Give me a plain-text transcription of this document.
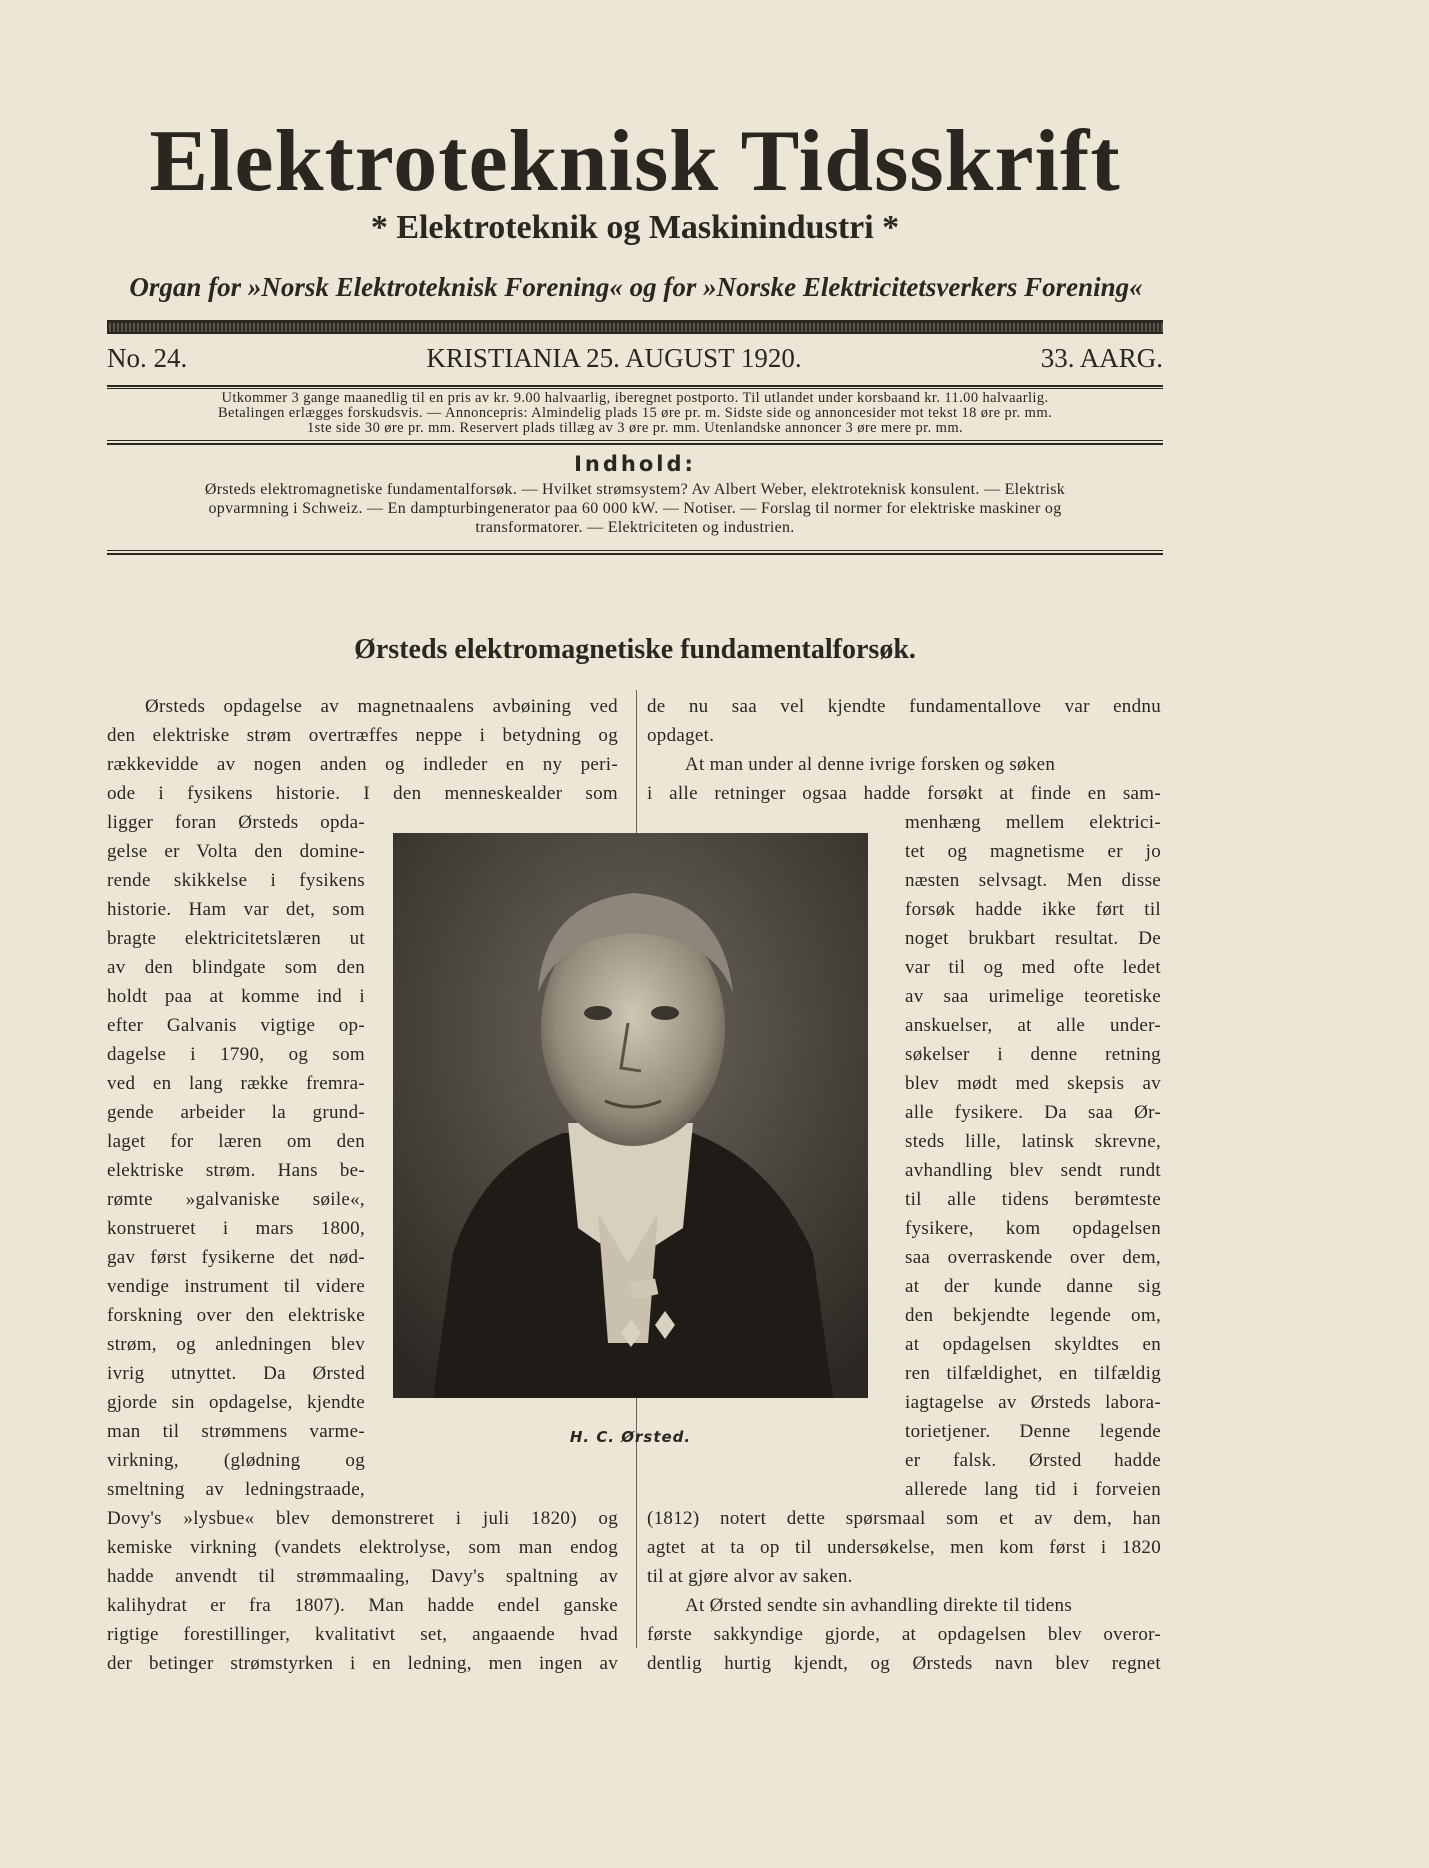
Elektroteknisk Tidsskrift
* Elektroteknik og Maskinindustri *
Organ for »Norsk Elektroteknisk Forening« og for »Norske Elektricitetsverkers Forening«
No. 24.	KRISTIANIA 25. AUGUST 1920.	33. AARG.
Utkommer 3 gange maanedlig til en pris av kr. 9.00 halvaarlig, iberegnet postporto. Til utlandet under korsbaand kr. 11.00 halvaarlig.
Betalingen erlægges forskudsvis. — Annoncepris: Almindelig plads 15 øre pr. m. Sidste side og annoncesider mot tekst 18 øre pr. mm.
1ste side 30 øre pr. mm. Reservert plads tillæg av 3 øre pr. mm. Utenlandske annoncer 3 øre mere pr. mm.
Indhold:
Ørsteds elektromagnetiske fundamentalforsøk. — Hvilket strømsystem? Av Albert Weber, elektroteknisk konsulent. — Elektrisk
opvarmning i Schweiz. — En dampturbingenerator paa 60 000 kW. — Notiser. — Forslag til normer for elektriske maskiner og
transformatorer. — Elektriciteten og industrien.
Ørsteds elektromagnetiske fundamentalforsøk.
Ørsteds opdagelse av magnetnaalens avbøining ved
den elektriske strøm overtræffes neppe i betydning og
rækkevidde av nogen anden og indleder en ny peri-
ode i fysikens historie. I den menneskealder som
ligger foran Ørsteds opda-
gelse er Volta den domine-
rende skikkelse i fysikens
historie. Ham var det, som
bragte elektricitetslæren ut
av den blindgate som den
holdt paa at komme ind i
efter Galvanis vigtige op-
dagelse i 1790, og som
ved en lang række fremra-
gende arbeider la grund-
laget for læren om den
elektriske strøm. Hans be-
rømte »galvaniske søile«,
konstrueret i mars 1800,
gav først fysikerne det nød-
vendige instrument til videre
forskning over den elektriske
strøm, og anledningen blev
ivrig utnyttet. Da Ørsted
gjorde sin opdagelse, kjendte
man til strømmens varme-
virkning, (glødning og
smeltning av ledningstraade,
Dovy's »lysbue« blev demonstreret i juli 1820) og
kemiske virkning (vandets elektrolyse, som man endog
hadde anvendt til strømmaaling, Davy's spaltning av
kalihydrat er fra 1807). Man hadde endel ganske
rigtige forestillinger, kvalitativt set, angaaende hvad
der betinger strømstyrken i en ledning, men ingen av
de nu saa vel kjendte fundamentallove var endnu
opdaget.
At man under al denne ivrige forsken og søken
i alle retninger ogsaa hadde forsøkt at finde en sam-
menhæng mellem elektrici-
tet og magnetisme er jo
næsten selvsagt. Men disse
forsøk hadde ikke ført til
noget brukbart resultat. De
var til og med ofte ledet
av saa urimelige teoretiske
anskuelser, at alle under-
søkelser i denne retning
blev mødt med skepsis av
alle fysikere. Da saa Ør-
steds lille, latinsk skrevne,
avhandling blev sendt rundt
til alle tidens berømteste
fysikere, kom opdagelsen
saa overraskende over dem,
at der kunde danne sig
den bekjendte legende om,
at opdagelsen skyldtes en
ren tilfældighet, en tilfældig
iagtagelse av Ørsteds labora-
torietjener. Denne legende
er falsk. Ørsted hadde
allerede lang tid i forveien
(1812) notert dette spørsmaal som et av dem, han
agtet at ta op til undersøkelse, men kom først i 1820
til at gjøre alvor av saken.
At Ørsted sendte sin avhandling direkte til tidens
første sakkyndige gjorde, at opdagelsen blev overor-
dentlig hurtig kjendt, og Ørsteds navn blev regnet
H. C. Ørsted.
